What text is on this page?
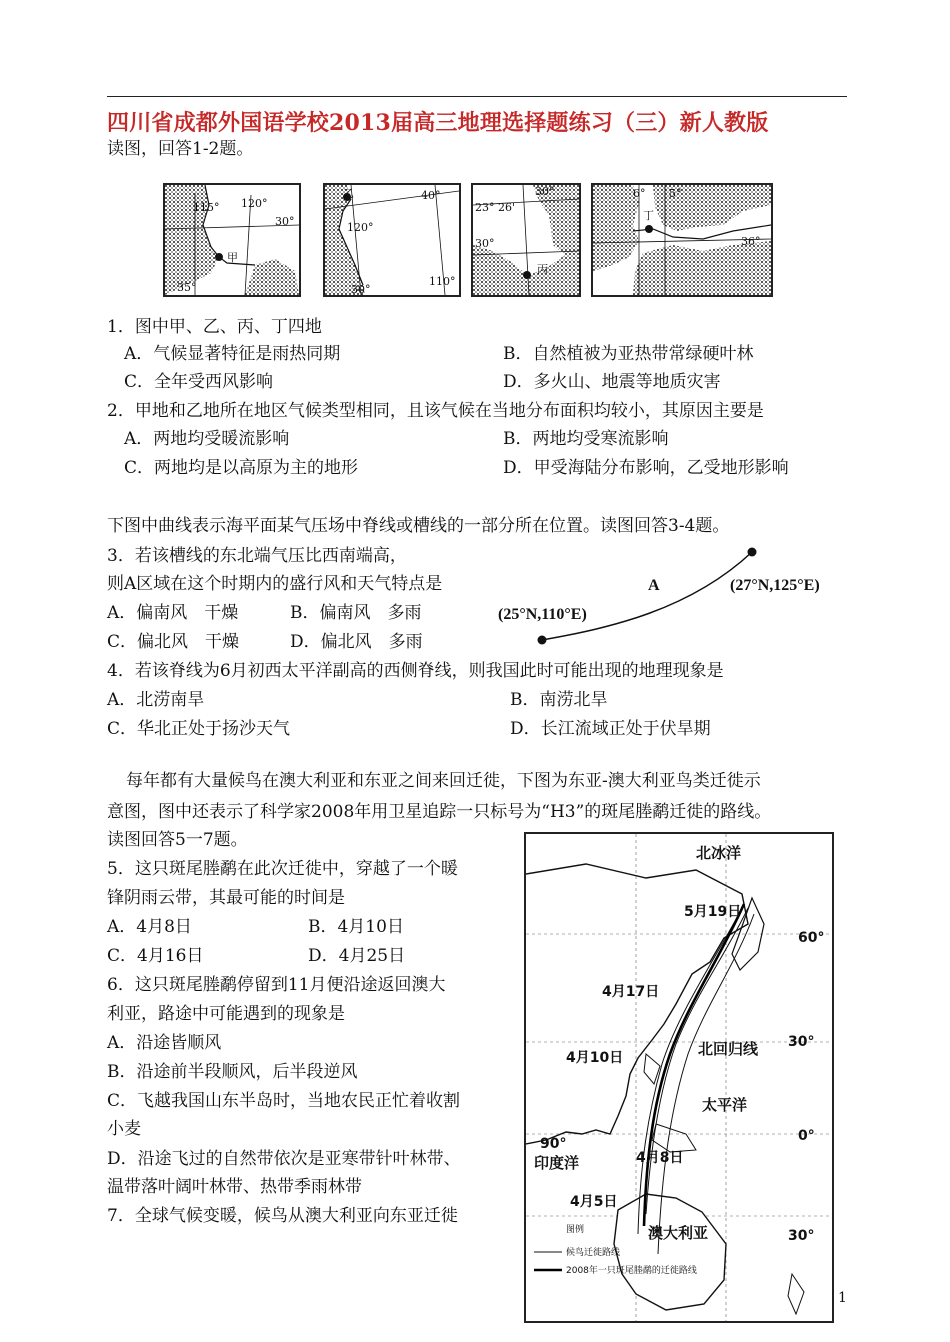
四川省成都外国语学校2013届高三地理选择题练习（三）新人教版
读图，回答1-2题。
115° 120°
30°
35°
甲
40°
120°
110°
30°
乙	30°
23° 26'
30°
丙
6° 5°
36°
丁
1．图中甲、乙、丙、丁四地
A．气候显著特征是雨热同期	B．自然植被为亚热带常绿硬叶林
C．全年受西风影响	D．多火山、地震等地质灾害
2．甲地和乙地所在地区气候类型相同，且该气候在当地分布面积均较小，其原因主要是
A．两地均受暖流影响	B．两地均受寒流影响
C．两地均是以高原为主的地形	D．甲受海陆分布影响，乙受地形影响
下图中曲线表示海平面某气压场中脊线或槽线的一部分所在位置。读图回答3-4题。
3．若该槽线的东北端气压比西南端高，
则A区域在这个时期内的盛行风和天气特点是
A．偏南风　干燥	B．偏南风　多雨
C．偏北风　干燥	D．偏北风　多雨
A	(27°N,125°E)
(25°N,110°E)
4．若该脊线为6月初西太平洋副高的西侧脊线，则我国此时可能出现的地理现象是
A．北涝南旱	B．南涝北旱
C．华北正处于扬沙天气	D．长江流域正处于伏旱期
每年都有大量候鸟在澳大利亚和东亚之间来回迁徙，下图为东亚-澳大利亚鸟类迁徙示
意图，图中还表示了科学家2008年用卫星追踪一只标号为“H3”的斑尾塍鹬迁徙的路线。
读图回答5一7题。
5．这只斑尾塍鹬在此次迁徙中，穿越了一个暖
锋阴雨云带，其最可能的时间是
A．4月8日	B．4月10日
C．4月16日	D．4月25日
6．这只斑尾塍鹬停留到11月便沿途返回澳大
利亚，路途中可能遇到的现象是
A．沿途皆顺风
B．沿途前半段顺风，后半段逆风
C．飞越我国山东半岛时，当地农民正忙着收割
小麦
D．沿途飞过的自然带依次是亚寒带针叶林带、
温带落叶阔叶林带、热带季雨林带
7．全球气候变暖，候鸟从澳大利亚向东亚迁徙
北冰洋
5月19日
4月17日
4月10日
4月8日
4月5日
北回归线
太平洋
印度洋
澳大利亚
60°
30°
0°
90°
30°
图例
候鸟迁徙路线
2008年一只斑尾塍鹬的迁徙路线
1
